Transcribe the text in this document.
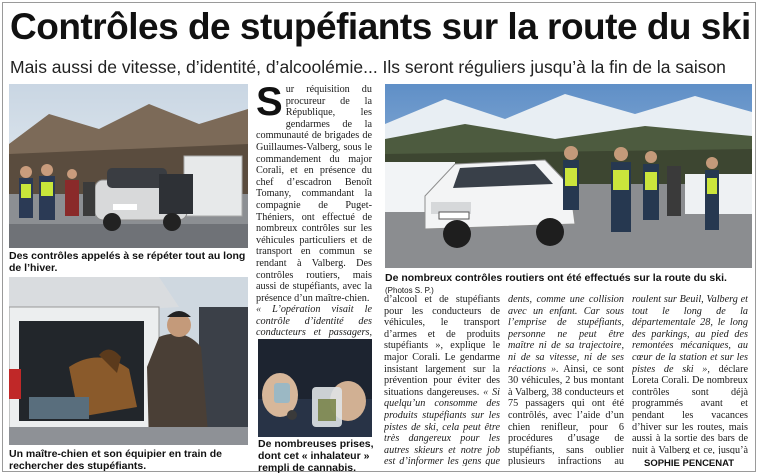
Contrôles de stupéfiants sur la route du ski
Mais aussi de vitesse, d’identité, d’alcoolémie... Ils seront réguliers jusqu’à la fin de la saison
Des contrôles appelés à se répéter tout au long de l’hiver.
De nombreux contrôles routiers ont été effectués sur la route du ski. (Photos S. P.)
Un maître-chien et son équipier en train de rechercher des stupéfiants.
De nombreuses prises, dont cet « inhalateur » rempli de cannabis.
Sur réquisition du procureur de la République, les gendarmes de la communauté de brigades de Guillaumes-Valberg, sous le commandement du major Corali, et en présence du chef d’escadron Benoît Tomany, commandant la compagnie de Puget-Théniers, ont effectué de nombreux contrôles sur les véhicules particuliers et de transport en commun se rendant à Valberg. Des contrôles routiers, mais aussi de stupéfiants, avec la présence d’un maître-chien.
« L’opération visait le contrôle d’identité des conducteurs et passagers,
d’alcool et de stupéfiants pour les conducteurs de véhicules, le transport d’armes et de produits stupéfiants », explique le major Corali. Le gendarme insistant largement sur la prévention pour éviter des situations dangereuses. « Si quelqu’un consomme des produits stupéfiants sur les pistes de ski, cela peut être très dangereux pour les autres skieurs et notre job est d’informer les gens que
dents, comme une collision avec un enfant. Car sous l’emprise de stupéfiants, personne ne peut être maître ni de sa trajectoire, ni de sa vitesse, ni de ses réactions ». Ainsi, ce sont 30 véhicules, 2 bus montant à Valberg, 38 conducteurs et 75 passagers qui ont été contrôlés, avec l’aide d’un chien renifleur, pour 6 procédures d’usage de stupéfiants, sans oublier plusieurs infractions au
roulent sur Beuil, Valberg et tout le long de la départementale 28, le long des parkings, au pied des remontées mécaniques, au cœur de la station et sur les pistes de ski », déclare Loreta Corali. De nombreux contrôles sont déjà programmés avant et pendant les vacances d’hiver sur les routes, mais aussi à la sortie des bars de nuit à Valberg et ce, jusqu’à
SOPHIE PENCENAT
